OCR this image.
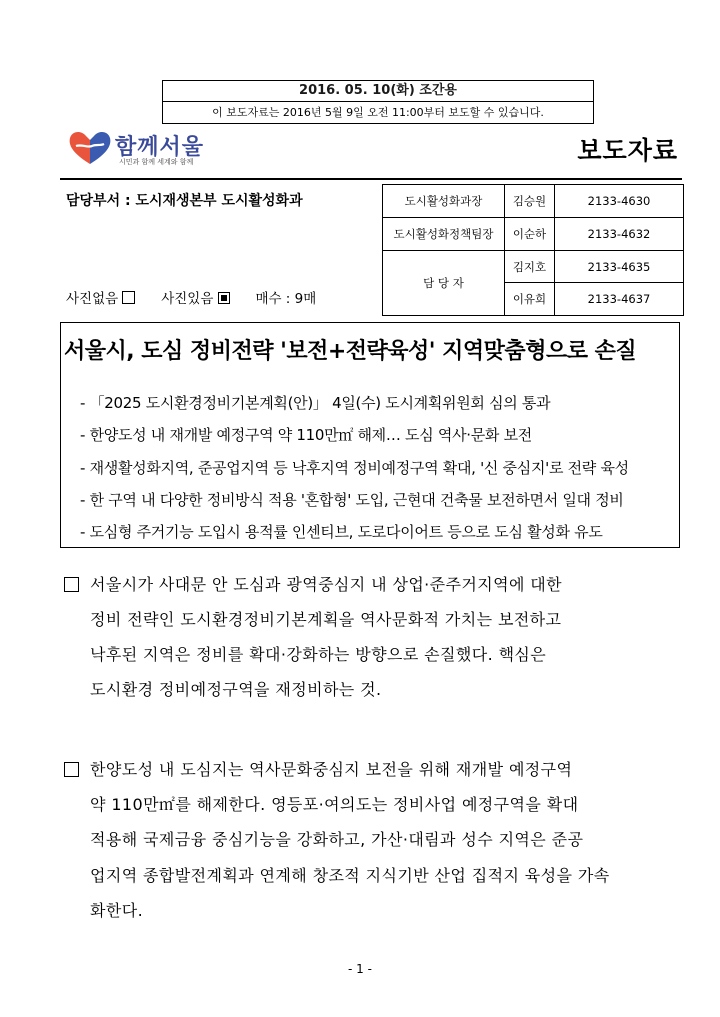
2016. 05. 10(화) 조간용
이 보도자료는 2016년 5월 9일 오전 11:00부터 보도할 수 있습니다.
함께서울
시민과 함께 세계와 함께	보도자료
담당부서 : 도시재생본부 도시활성화과
사진없음	사진있음	매수 : 9매
도시활성화과장	김승원	2133-4630
도시활성화정책팀장	이순하	2133-4632
담 당 자
김지호	2133-4635
이유희	2133-4637
서울시, 도심 정비전략 '보전+전략육성' 지역맞춤형으로 손질
- 「2025 도시환경정비기본계획(안)」 4일(수) 도시계획위원회 심의 통과
- 한양도성 내 재개발 예정구역 약 110만㎡ 해제… 도심 역사·문화 보전
- 재생활성화지역, 준공업지역 등 낙후지역 정비예정구역 확대, '신 중심지'로 전략 육성
- 한 구역 내 다양한 정비방식 적용 '혼합형' 도입, 근현대 건축물 보전하면서 일대 정비
- 도심형 주거기능 도입시 용적률 인센티브, 도로다이어트 등으로 도심 활성화 유도
서울시가 사대문 안 도심과 광역중심지 내 상업·준주거지역에 대한
정비 전략인 도시환경정비기본계획을 역사문화적 가치는 보전하고
낙후된 지역은 정비를 확대·강화하는 방향으로 손질했다. 핵심은
도시환경 정비예정구역을 재정비하는 것.
한양도성 내 도심지는 역사문화중심지 보전을 위해 재개발 예정구역
약 110만㎡를 해제한다. 영등포·여의도는 정비사업 예정구역을 확대
적용해 국제금융 중심기능을 강화하고, 가산·대림과 성수 지역은 준공
업지역 종합발전계획과 연계해 창조적 지식기반 산업 집적지 육성을 가속
화한다.
- 1 -
